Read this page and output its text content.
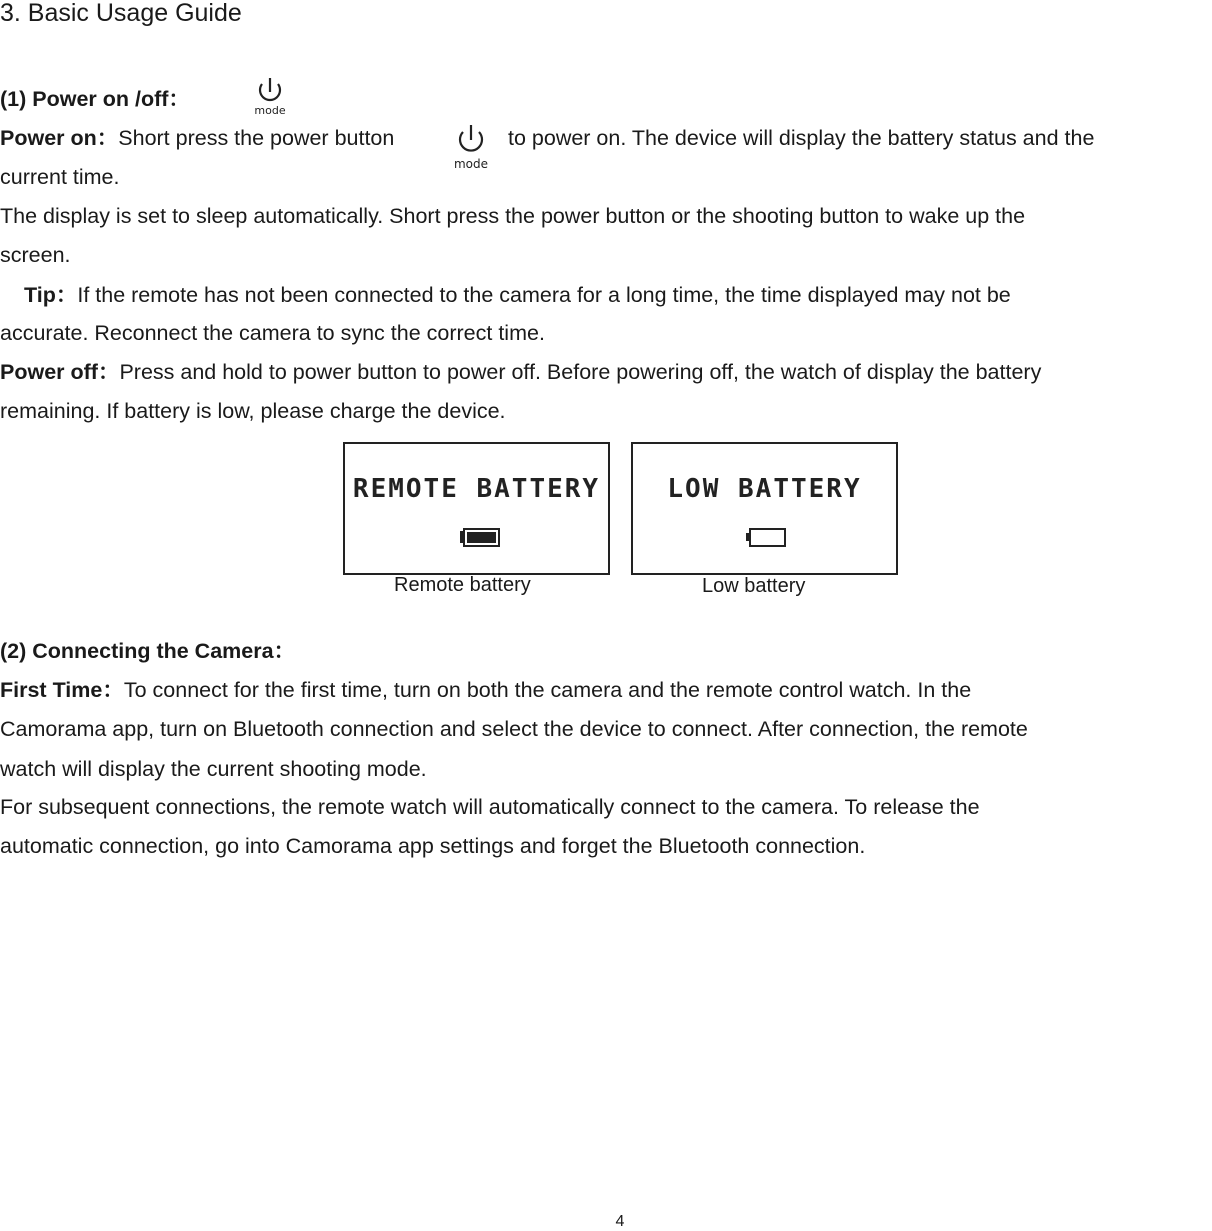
3. Basic Usage Guide
(1) Power on /off：	mode
Power on：Short press the power button
mode
to power on. The device will display the battery status and the
current time.
The display is set to sleep automatically. Short press the power button or the shooting button to wake up the
screen.
Tip：If the remote has not been connected to the camera for a long time, the time displayed may not be
accurate. Reconnect the camera to sync the correct time.
Power off：Press and hold to power button to power off. Before powering off, the watch of display the battery
remaining. If battery is low, please charge the device.
REMOTE BATTERY
Remote battery
LOW BATTERY
Low battery
(2) Connecting the Camera：
First Time：To connect for the first time, turn on both the camera and the remote control watch. In the
Camorama app, turn on Bluetooth connection and select the device to connect. After connection, the remote
watch will display the current shooting mode.
For subsequent connections, the remote watch will automatically connect to the camera. To release the
automatic connection, go into Camorama app settings and forget the Bluetooth connection.
4
